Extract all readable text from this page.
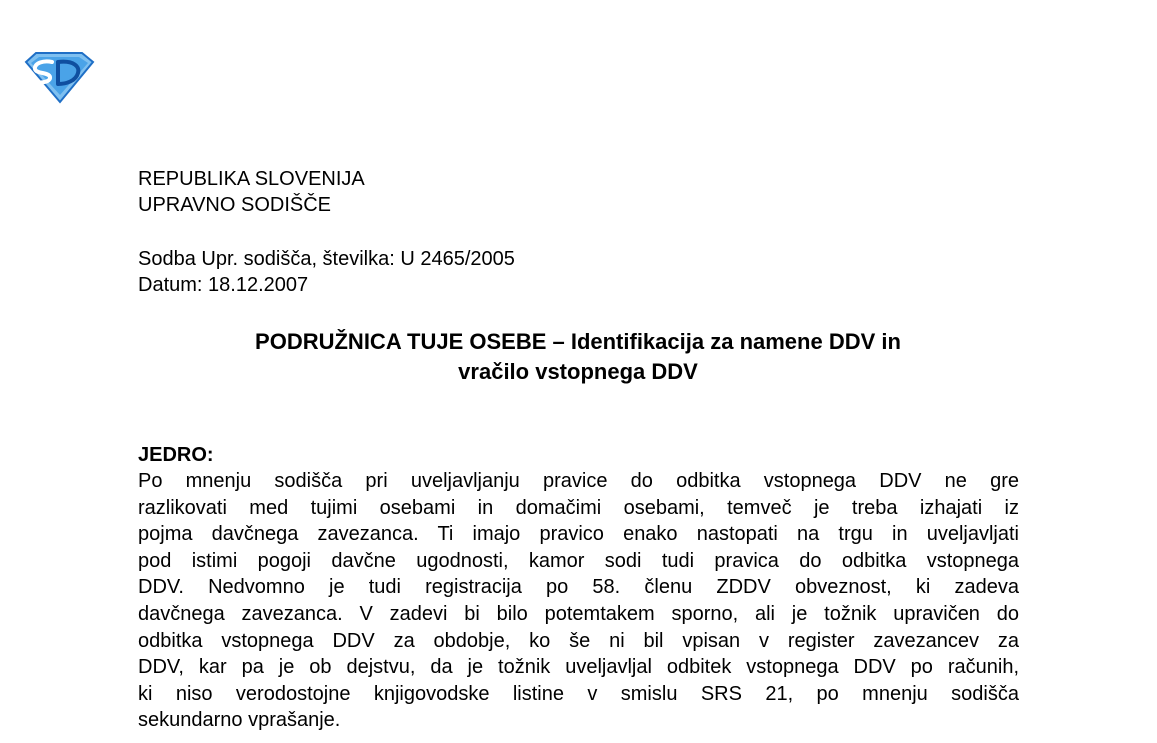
REPUBLIKA SLOVENIJA
UPRAVNO SODIŠČE
Sodba Upr. sodišča, številka: U 2465/2005
Datum: 18.12.2007
PODRUŽNICA TUJE OSEBE – Identifikacija za namene DDV in
vračilo vstopnega DDV
JEDRO:
Po mnenju sodišča pri uveljavljanju pravice do odbitka vstopnega DDV ne gre
razlikovati med tujimi osebami in domačimi osebami, temveč je treba izhajati iz
pojma davčnega zavezanca. Ti imajo pravico enako nastopati na trgu in uveljavljati
pod istimi pogoji davčne ugodnosti, kamor sodi tudi pravica do odbitka vstopnega
DDV. Nedvomno je tudi registracija po 58. členu ZDDV obveznost, ki zadeva
davčnega zavezanca. V zadevi bi bilo potemtakem sporno, ali je tožnik upravičen do
odbitka vstopnega DDV za obdobje, ko še ni bil vpisan v register zavezancev za
DDV, kar pa je ob dejstvu, da je tožnik uveljavljal odbitek vstopnega DDV po računih,
ki niso verodostojne knjigovodske listine v smislu SRS 21, po mnenju sodišča
sekundarno vprašanje.
